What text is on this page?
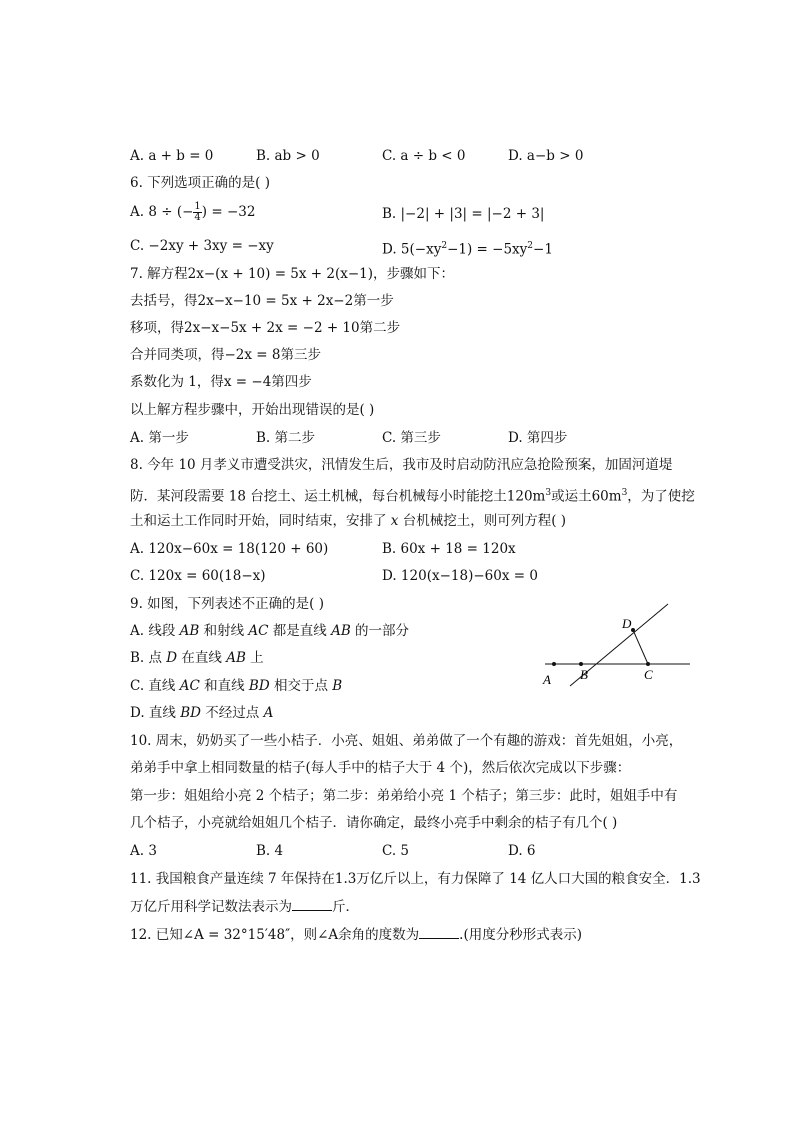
A. a + b = 0	B. ab > 0	C. a ÷ b < 0	D. a−b > 0
6. 下列选项正确的是( )
A. 8 ÷ (− $\frac{1}{4}$ ) = −32	B. |−2| + |3| = |−2 + 3|
C. −2xy + 3xy = −xy	D. $5(-xy^2-1) = -5xy^2-1$
7. 解方程2x−(x + 10) = 5x + 2(x−1)，步骤如下：
去括号，得2x−x−10 = 5x + 2x−2第一步
移项，得2x−x−5x + 2x = −2 + 10第二步
合并同类项，得−2x = 8第三步
系数化为 1，得x = −4第四步
以上解方程步骤中，开始出现错误的是( )
A. 第一步	B. 第二步	C. 第三步	D. 第四步
8. 今年 10 月孝义市遭受洪灾，汛情发生后，我市及时启动防汛应急抢险预案，加固河道堤
防．某河段需要 18 台挖土、运土机械，每台机械每小时能挖土$120m^3$或运土$60m^3$，为了使挖
土和运土工作同时开始，同时结束，安排了 x 台机械挖土，则可列方程( )
A. 120x−60x = 18(120 + 60)	B. 60x + 18 = 120x
C. 120x = 60(18−x)	D. 120(x−18)−60x = 0
9. 如图，下列表述不正确的是( )
A. 线段 AB 和射线 AC 都是直线 AB 的一部分
B. 点 D 在直线 AB 上
C. 直线 AC 和直线 BD 相交于点 B
D. 直线 BD 不经过点 A
A B	C
D
10. 周末，奶奶买了一些小桔子．小亮、姐姐、弟弟做了一个有趣的游戏：首先姐姐，小亮，
弟弟手中拿上相同数量的桔子(每人手中的桔子大于 4 个)，然后依次完成以下步骤：
第一步：姐姐给小亮 2 个桔子；第二步：弟弟给小亮 1 个桔子；第三步：此时，姐姐手中有
几个桔子，小亮就给姐姐几个桔子．请你确定，最终小亮手中剩余的桔子有几个( )
A. 3	B. 4	C. 5	D. 6
11. 我国粮食产量连续 7 年保持在1.3万亿斤以上，有力保障了 14 亿人口大国的粮食安全．1.3
万亿斤用科学记数法表示为	斤．
12. 已知∠A = 32°15′48″，则∠A余角的度数为	.(用度分秒形式表示)
